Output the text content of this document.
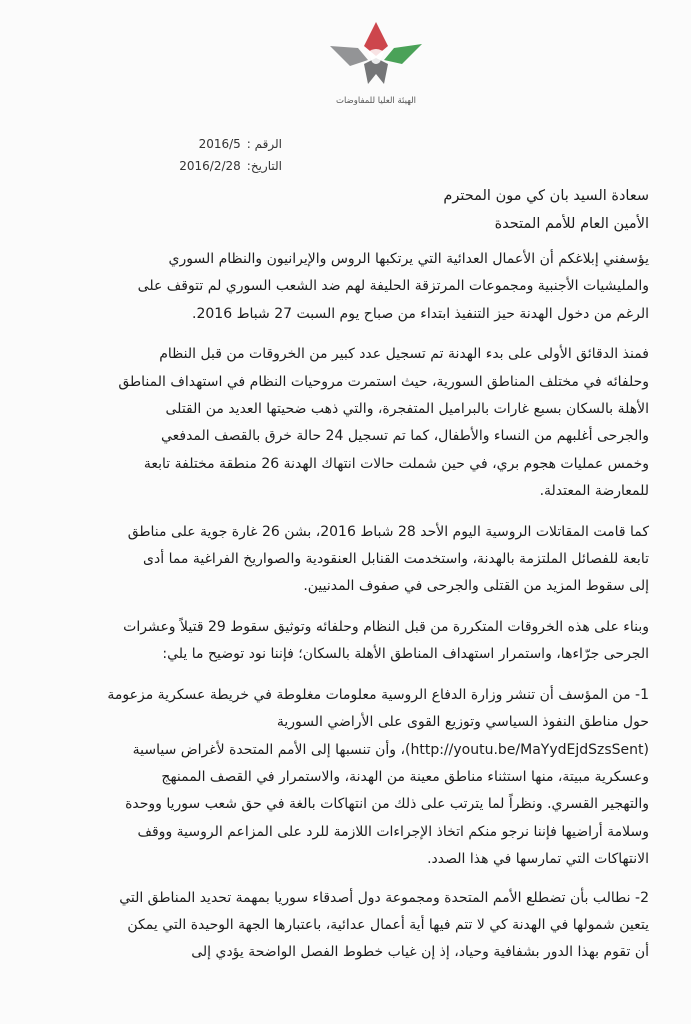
الهيئة العليا للمفاوضات
الرقم :
2016/5
التاريخ:
2016/2/28
سعادة السيد بان كي مون المحترم
الأمين العام للأمم المتحدة
يؤسفني إبلاغكم أن الأعمال العدائية التي يرتكبها الروس والإيرانيون والنظام السوري
والمليشيات الأجنبية ومجموعات المرتزقة الحليفة لهم ضد الشعب السوري لم تتوقف على
الرغم من دخول الهدنة حيز التنفيذ ابتداء من صباح يوم السبت 27 شباط 2016.
فمنذ الدقائق الأولى على بدء الهدنة تم تسجيل عدد كبير من الخروقات من قبل النظام
وحلفائه في مختلف المناطق السورية، حيث استمرت مروحيات النظام في استهداف المناطق
الأهلة بالسكان بسبع غارات بالبراميل المتفجرة، والتي ذهب ضحيتها العديد من القتلى
والجرحى أغلبهم من النساء والأطفال، كما تم تسجيل 24 حالة خرق بالقصف المدفعي
وخمس عمليات هجوم بري، في حين شملت حالات انتهاك الهدنة 26 منطقة مختلفة تابعة
للمعارضة المعتدلة.
كما قامت المقاتلات الروسية اليوم الأحد 28 شباط 2016، بشن 26 غارة جوية على مناطق
تابعة للفصائل الملتزمة بالهدنة، واستخدمت القنابل العنقودية والصواريخ الفراغية مما أدى
إلى سقوط المزيد من القتلى والجرحى في صفوف المدنيين.
وبناء على هذه الخروقات المتكررة من قبل النظام وحلفائه وتوثيق سقوط 29 قتيلاً وعشرات
الجرحى جرّاءها، واستمرار استهداف المناطق الأهلة بالسكان؛ فإننا نود توضيح ما يلي:
1- من المؤسف أن تنشر وزارة الدفاع الروسية معلومات مغلوطة في خريطة عسكرية مزعومة
حول مناطق النفوذ السياسي وتوزيع القوى على الأراضي السورية
(http://youtu.be/MaYydEjdSzsSent)، وأن تنسبها إلى الأمم المتحدة لأغراض سياسية
وعسكرية مبيتة، منها استثناء مناطق معينة من الهدنة، والاستمرار في القصف الممنهج
والتهجير القسري. ونظراً لما يترتب على ذلك من انتهاكات بالغة في حق شعب سوريا ووحدة
وسلامة أراضيها فإننا نرجو منكم اتخاذ الإجراءات اللازمة للرد على المزاعم الروسية ووقف
الانتهاكات التي تمارسها في هذا الصدد.
2- نطالب بأن تضطلع الأمم المتحدة ومجموعة دول أصدقاء سوريا بمهمة تحديد المناطق التي
يتعين شمولها في الهدنة كي لا تتم فيها أية أعمال عدائية، باعتبارها الجهة الوحيدة التي يمكن
أن تقوم بهذا الدور بشفافية وحياد، إذ إن غياب خطوط الفصل الواضحة يؤدي إلى
